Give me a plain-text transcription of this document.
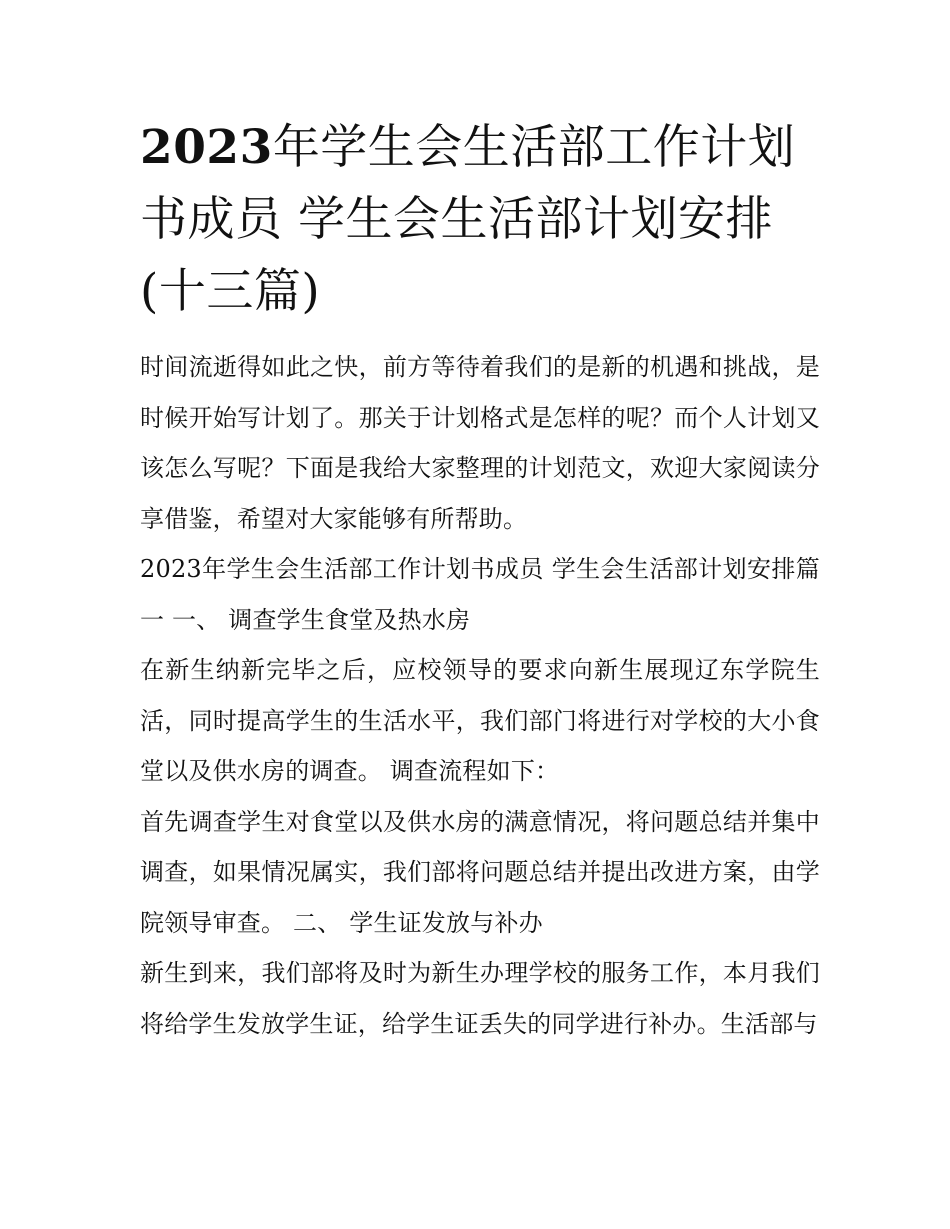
2023年学生会生活部工作计划书成员 学生会生活部计划安排(十三篇)

时间流逝得如此之快，前方等待着我们的是新的机遇和挑战，是时候开始写计划了。那关于计划格式是怎样的呢？而个人计划又该怎么写呢？下面是我给大家整理的计划范文，欢迎大家阅读分享借鉴，希望对大家能够有所帮助。

2023年学生会生活部工作计划书成员 学生会生活部计划安排篇一 一、 调查学生食堂及热水房

在新生纳新完毕之后，应校领导的要求向新生展现辽东学院生活，同时提高学生的生活水平，我们部门将进行对学校的大小食堂以及供水房的调查。 调查流程如下：

首先调查学生对食堂以及供水房的满意情况，将问题总结并集中调查，如果情况属实，我们部将问题总结并提出改进方案，由学院领导审查。 二、 学生证发放与补办

新生到来，我们部将及时为新生办理学校的服务工作，本月我们将给学生发放学生证，给学生证丢失的同学进行补办。生活部与
